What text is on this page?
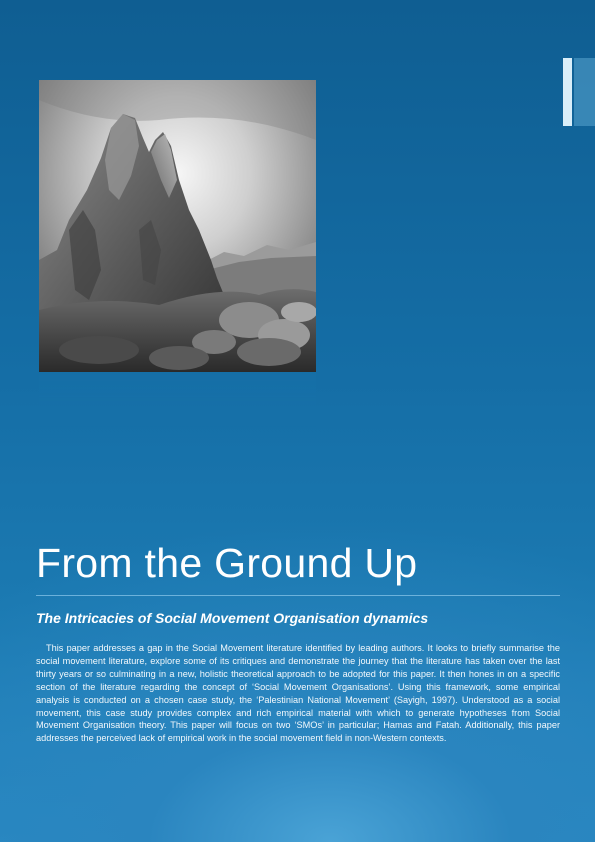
From the Ground Up
The Intricacies of Social Movement Organisation dynamics

This paper addresses a gap in the Social Movement literature identified by leading authors. It looks to briefly summarise the social movement literature, explore some of its critiques and demonstrate the journey that the literature has taken over the last thirty years or so culminating in a new, holistic theoretical approach to be adopted for this paper. It then hones in on a specific section of the literature regarding the concept of ‘Social Movement Organisations’. Using this framework, some empirical analysis is conducted on a chosen case study, the ‘Palestinian National Movement’ (Sayigh, 1997). Understood as a social movement, this case study provides complex and rich empirical material with which to generate hypotheses from Social Movement Organisation theory. This paper will focus on two ‘SMOs’ in particular; Hamas and Fatah. Additionally, this paper addresses the perceived lack of empirical work in the social movement field in non-Western contexts.
